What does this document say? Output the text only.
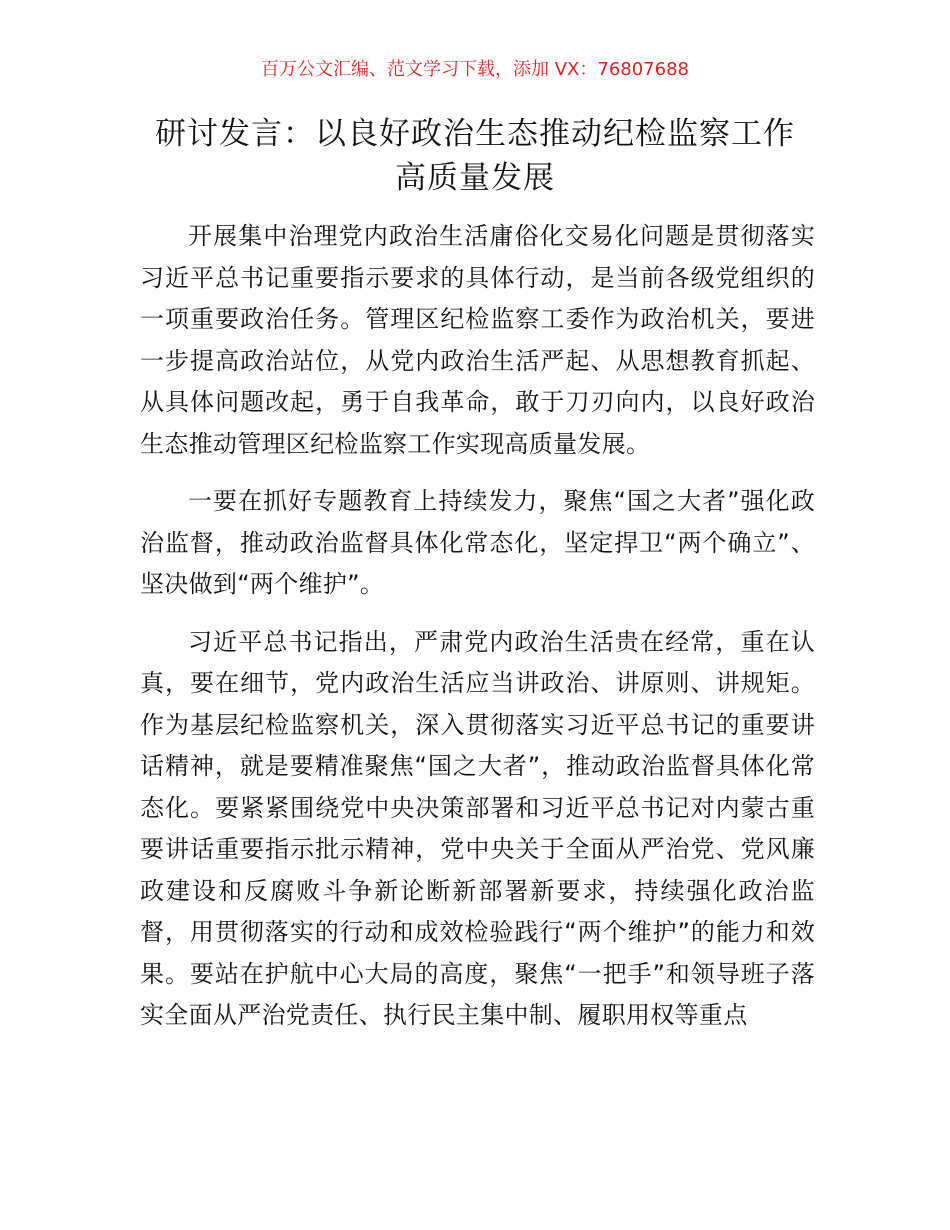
百万公文汇编、范文学习下载，添加 VX：76807688
研讨发言：以良好政治生态推动纪检监察工作
高质量发展

开展集中治理党内政治生活庸俗化交易化问题是贯彻落实习近平总书记重要指示要求的具体行动，是当前各级党组织的一项重要政治任务。管理区纪检监察工委作为政治机关，要进一步提高政治站位，从党内政治生活严起、从思想教育抓起、从具体问题改起，勇于自我革命，敢于刀刃向内，以良好政治生态推动管理区纪检监察工作实现高质量发展。

一要在抓好专题教育上持续发力，聚焦“国之大者”强化政治监督，推动政治监督具体化常态化，坚定捍卫“两个确立”、坚决做到“两个维护”。

习近平总书记指出，严肃党内政治生活贵在经常，重在认真，要在细节，党内政治生活应当讲政治、讲原则、讲规矩。作为基层纪检监察机关，深入贯彻落实习近平总书记的重要讲话精神，就是要精准聚焦“国之大者”，推动政治监督具体化常态化。要紧紧围绕党中央决策部署和习近平总书记对内蒙古重要讲话重要指示批示精神，党中央关于全面从严治党、党风廉政建设和反腐败斗争新论断新部署新要求，持续强化政治监督，用贯彻落实的行动和成效检验践行“两个维护”的能力和效果。要站在护航中心大局的高度，聚焦“一把手”和领导班子落实全面从严治党责任、执行民主集中制、履职用权等重点
